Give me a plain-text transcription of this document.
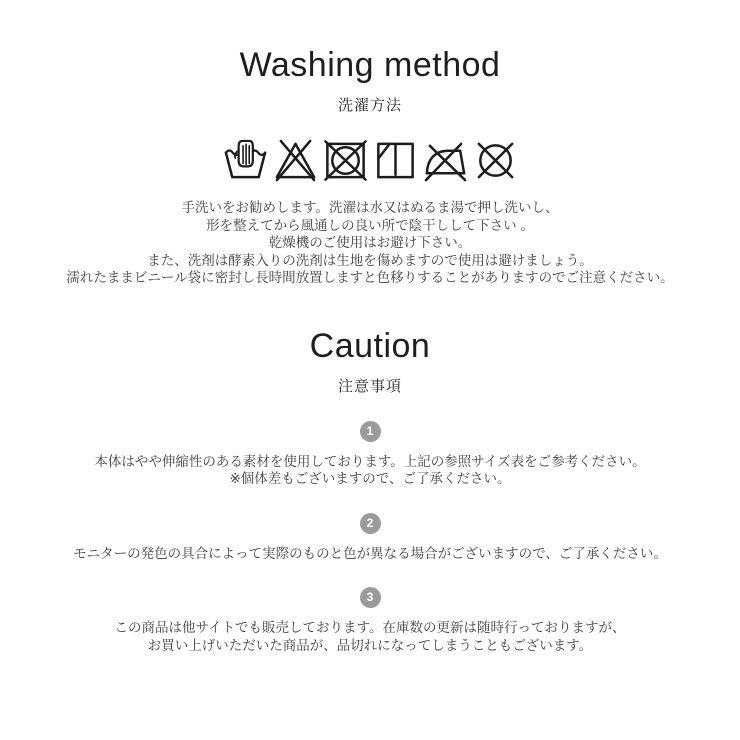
Washing method
洗濯方法
手洗いをお勧めします。洗濯は水又はぬるま湯で押し洗いし、
形を整えてから風通しの良い所で陰干しして下さい 。
乾燥機のご使用はお避け下さい。
また、洗剤は酵素入りの洗剤は生地を傷めますので使用は避けましょう。
濡れたままビニール袋に密封し長時間放置しますと色移りすることがありますのでご注意ください。
Caution
注意事項
1
本体はやや伸縮性のある素材を使用しております。上記の参照サイズ表をご参考ください。
※個体差もございますので、ご了承ください。
2
モニターの発色の具合によって実際のものと色が異なる場合がございますので、ご了承ください。
3
この商品は他サイトでも販売しております。在庫数の更新は随時行っておりますが、
お買い上げいただいた商品が、品切れになってしまうこともございます。
